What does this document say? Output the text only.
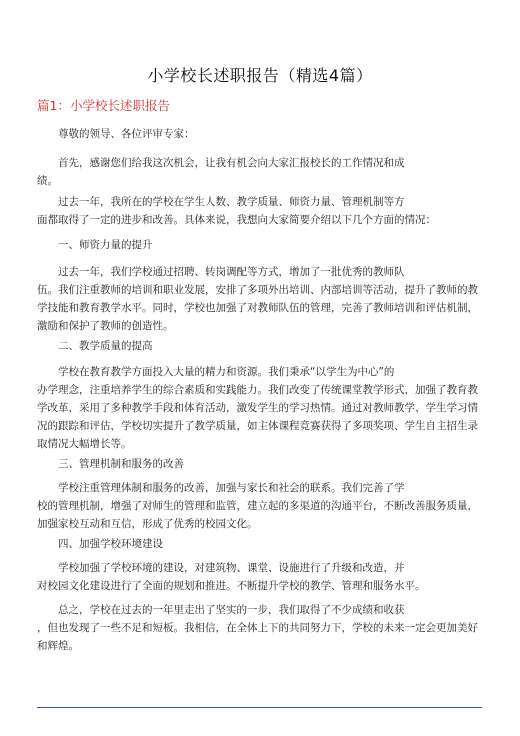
小学校长述职报告（精选4篇）
篇1：小学校长述职报告

尊敬的领导、各位评审专家：

首先，感谢您们给我这次机会，让我有机会向大家汇报校长的工作情况和成
绩。

过去一年，我所在的学校在学生人数、教学质量、师资力量、管理机制等方
面都取得了一定的进步和改善。具体来说，我想向大家简要介绍以下几个方面的情况：

一、师资力量的提升

过去一年，我们学校通过招聘、转岗调配等方式，增加了一批优秀的教师队
伍。我们注重教师的培训和职业发展，安排了多项外出培训、内部培训等活动，提升了教师的教
学技能和教育教学水平。同时，学校也加强了对教师队伍的管理，完善了教师培训和评估机制，
激励和保护了教师的创造性。

二、教学质量的提高

学校在教育教学方面投入大量的精力和资源。我们秉承“以学生为中心”的
办学理念，注重培养学生的综合素质和实践能力。我们改变了传统课堂教学形式，加强了教育教
学改革，采用了多种教学手段和体育活动，激发学生的学习热情。通过对教师教学、学生学习情
况的跟踪和评估，学校切实提升了教学质量，如主体课程竞赛获得了多项奖项、学生自主招生录
取情况大幅增长等。

三、管理机制和服务的改善

学校注重管理体制和服务的改善，加强与家长和社会的联系。我们完善了学
校的管理机制，增强了对师生的管理和监管，建立起的多渠道的沟通平台，不断改善服务质量，
加强家校互动和互信，形成了优秀的校园文化。

四、加强学校环境建设

学校加强了学校环境的建设，对建筑物、课堂、设施进行了升级和改造，并
对校园文化建设进行了全面的规划和推进。不断提升学校的教学、管理和服务水平。

总之，学校在过去的一年里走出了坚实的一步，我们取得了不少成绩和收获
，但也发现了一些不足和短板。我相信，在全体上下的共同努力下，学校的未来一定会更加美好
和辉煌。
